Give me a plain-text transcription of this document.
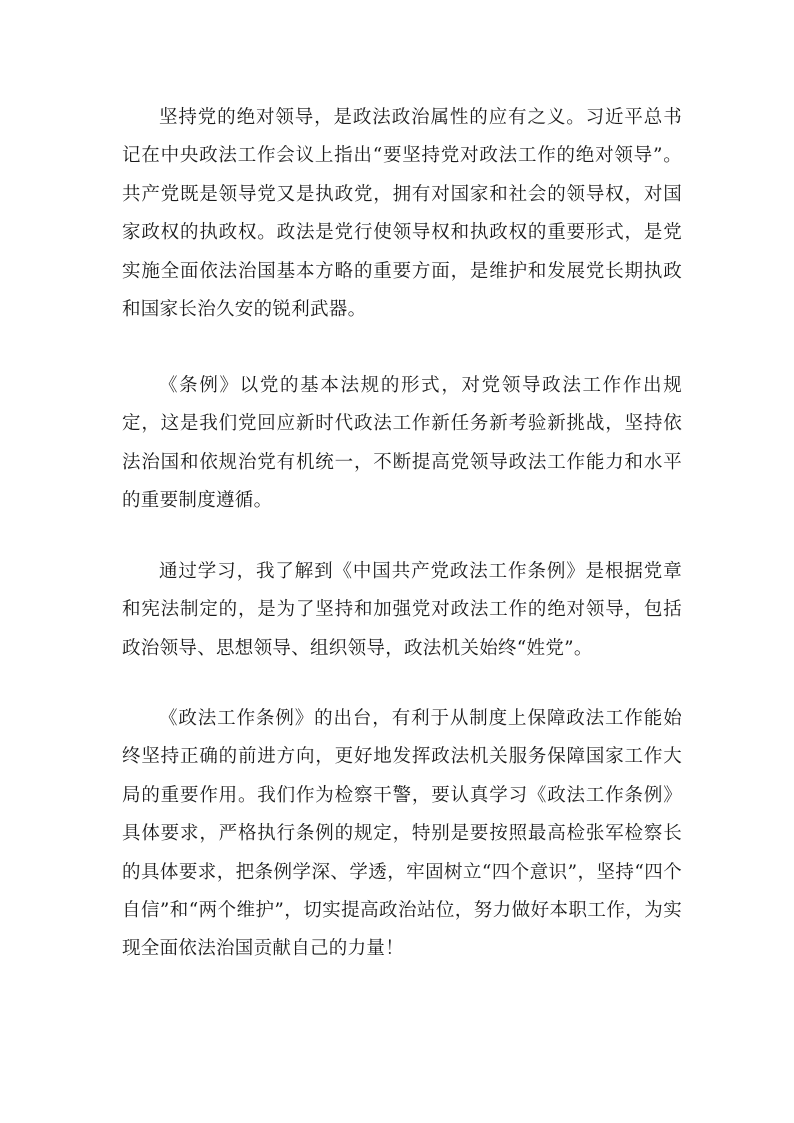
坚持党的绝对领导，是政法政治属性的应有之义。习近平总书记在中央政法工作会议上指出“要坚持党对政法工作的绝对领导”。共产党既是领导党又是执政党，拥有对国家和社会的领导权，对国家政权的执政权。政法是党行使领导权和执政权的重要形式，是党实施全面依法治国基本方略的重要方面，是维护和发展党长期执政和国家长治久安的锐利武器。

《条例》以党的基本法规的形式，对党领导政法工作作出规定，这是我们党回应新时代政法工作新任务新考验新挑战，坚持依法治国和依规治党有机统一，不断提高党领导政法工作能力和水平的重要制度遵循。

通过学习，我了解到《中国共产党政法工作条例》是根据党章和宪法制定的，是为了坚持和加强党对政法工作的绝对领导，包括政治领导、思想领导、组织领导，政法机关始终“姓党”。

《政法工作条例》的出台，有利于从制度上保障政法工作能始终坚持正确的前进方向，更好地发挥政法机关服务保障国家工作大局的重要作用。我们作为检察干警，要认真学习《政法工作条例》具体要求，严格执行条例的规定，特别是要按照最高检张军检察长的具体要求，把条例学深、学透，牢固树立“四个意识”，坚持“四个自信”和“两个维护”，切实提高政治站位，努力做好本职工作，为实现全面依法治国贡献自己的力量！
